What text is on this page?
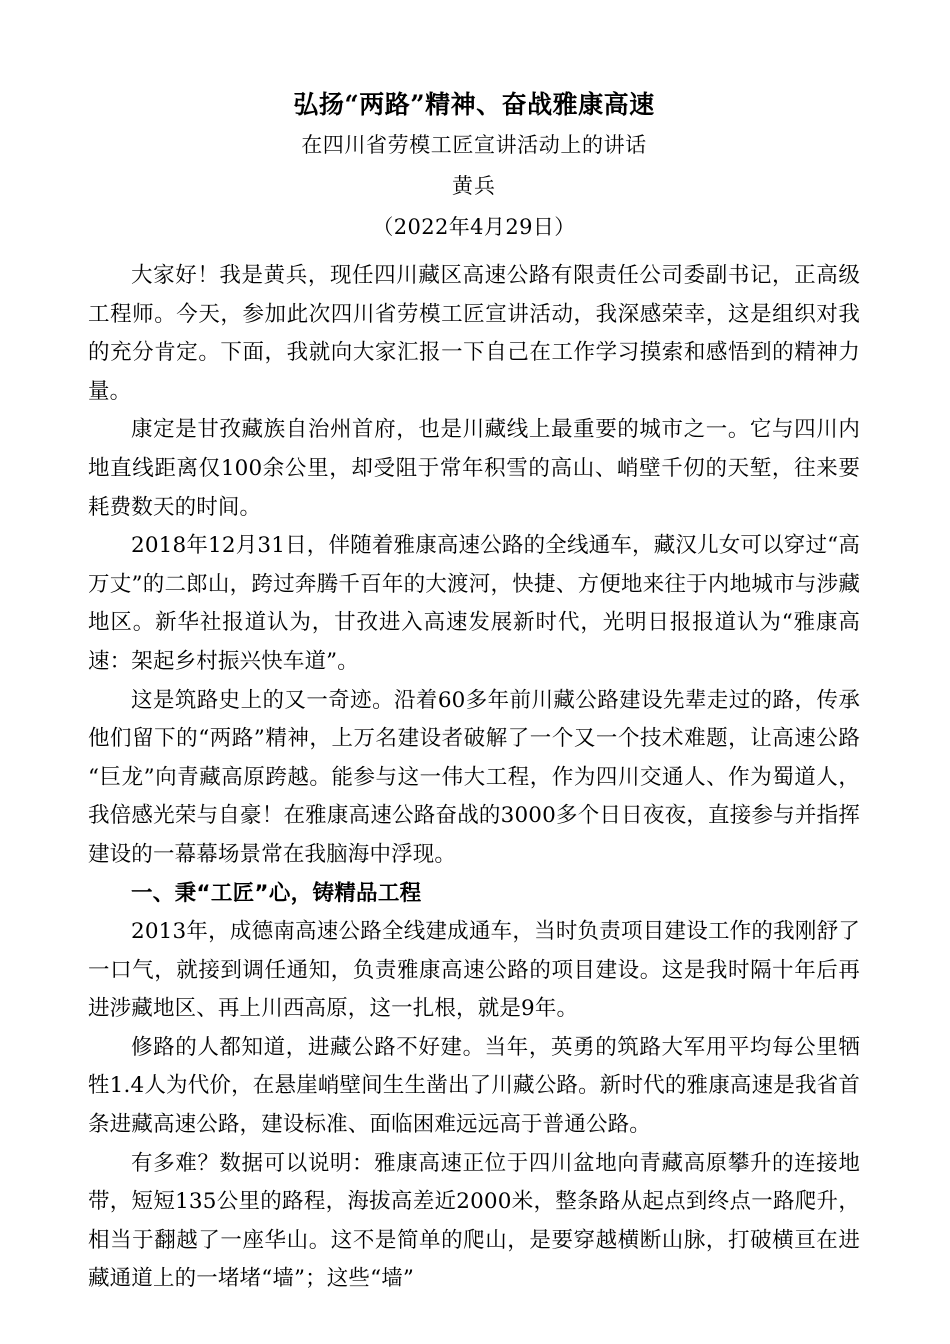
弘扬“两路”精神、奋战雅康高速
在四川省劳模工匠宣讲活动上的讲话
黄兵
（2022年4月29日）

大家好！我是黄兵，现任四川藏区高速公路有限责任公司委副书记，正高级工程师。今天，参加此次四川省劳模工匠宣讲活动，我深感荣幸，这是组织对我的充分肯定。下面，我就向大家汇报一下自己在工作学习摸索和感悟到的精神力量。

康定是甘孜藏族自治州首府，也是川藏线上最重要的城市之一。它与四川内地直线距离仅100余公里，却受阻于常年积雪的高山、峭壁千仞的天堑，往来要耗费数天的时间。

2018年12月31日，伴随着雅康高速公路的全线通车，藏汉儿女可以穿过“高万丈”的二郎山，跨过奔腾千百年的大渡河，快捷、方便地来往于内地城市与涉藏地区。新华社报道认为，甘孜进入高速发展新时代，光明日报报道认为“雅康高速：架起乡村振兴快车道”。

这是筑路史上的又一奇迹。沿着60多年前川藏公路建设先辈走过的路，传承他们留下的“两路”精神，上万名建设者破解了一个又一个技术难题，让高速公路“巨龙”向青藏高原跨越。能参与这一伟大工程，作为四川交通人、作为蜀道人，我倍感光荣与自豪！在雅康高速公路奋战的3000多个日日夜夜，直接参与并指挥建设的一幕幕场景常在我脑海中浮现。

一、秉“工匠”心，铸精品工程

2013年，成德南高速公路全线建成通车，当时负责项目建设工作的我刚舒了一口气，就接到调任通知，负责雅康高速公路的项目建设。这是我时隔十年后再进涉藏地区、再上川西高原，这一扎根，就是9年。

修路的人都知道，进藏公路不好建。当年，英勇的筑路大军用平均每公里牺牲1.4人为代价，在悬崖峭壁间生生凿出了川藏公路。新时代的雅康高速是我省首条进藏高速公路，建设标准、面临困难远远高于普通公路。

有多难？数据可以说明：雅康高速正位于四川盆地向青藏高原攀升的连接地带，短短135公里的路程，海拔高差近2000米，整条路从起点到终点一路爬升，相当于翻越了一座华山。这不是简单的爬山，是要穿越横断山脉，打破横亘在进藏通道上的一堵堵“墙”；这些“墙”
